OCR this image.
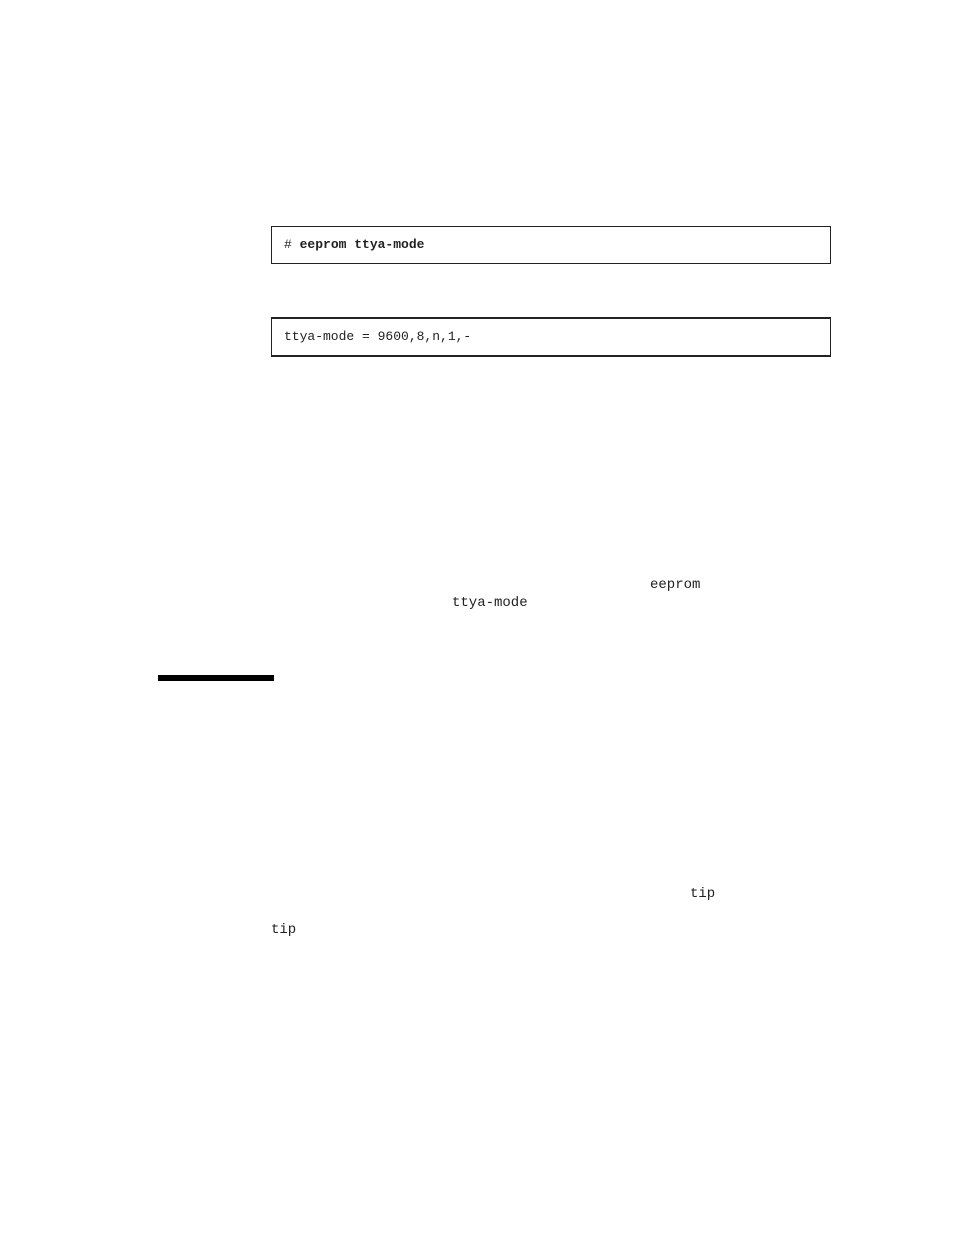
# eeprom ttya-mode
ttya-mode = 9600,8,n,1,-
eeprom
ttya-mode
tip
tip
